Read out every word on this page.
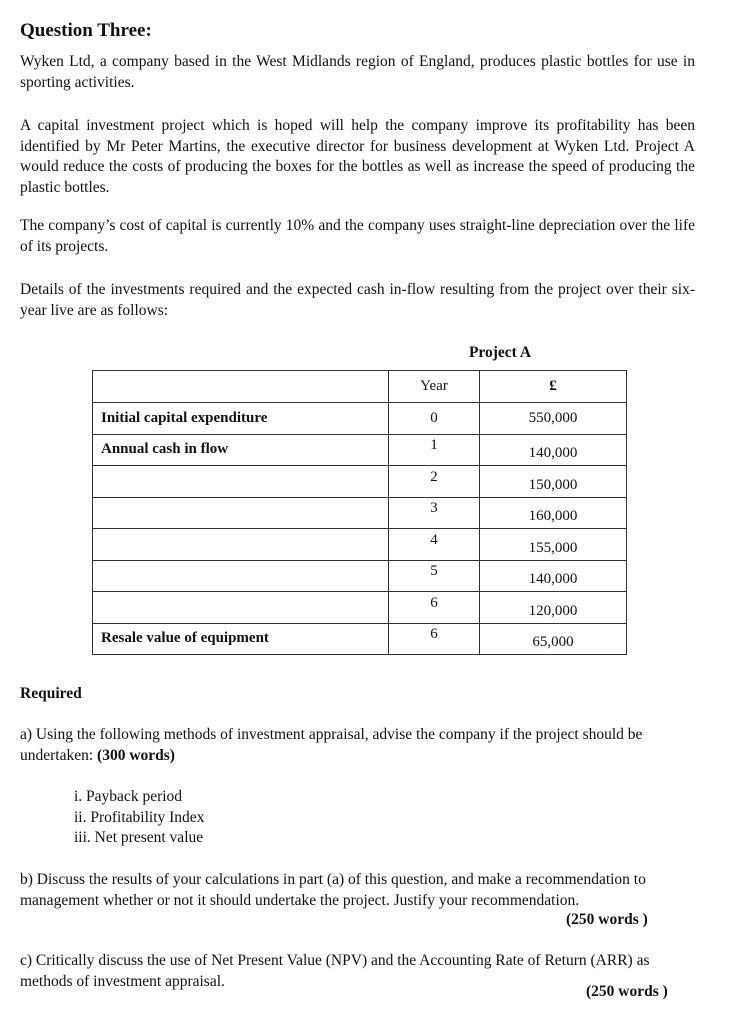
Question Three:
Wyken Ltd, a company based in the West Midlands region of England, produces plastic bottles for use in sporting activities.
A capital investment project which is hoped will help the company improve its profitability has been identified by Mr Peter Martins, the executive director for business development at Wyken Ltd. Project A would reduce the costs of producing the boxes for the bottles as well as increase the speed of producing the plastic bottles.
The company’s cost of capital is currently 10% and the company uses straight-line depreciation over the life of its projects.
Details of the investments required and the expected cash in-flow resulting from the project over their six-year live are as follows:
Project A
	Year	£
Initial capital expenditure	0	550,000
Annual cash in flow	1	140,000
	2	150,000
	3	160,000
	4	155,000
	5	140,000
	6	120,000
Resale value of equipment	6	65,000
Required
a) Using the following methods of investment appraisal, advise the company if the project should be undertaken: (300 words)
i. Payback period
ii. Profitability Index
iii. Net present value
b) Discuss the results of your calculations in part (a) of this question, and make a recommendation to management whether or not it should undertake the project. Justify your recommendation.
(250 words )
c) Critically discuss the use of Net Present Value (NPV) and the Accounting Rate of Return (ARR) as methods of investment appraisal.
(250 words )
